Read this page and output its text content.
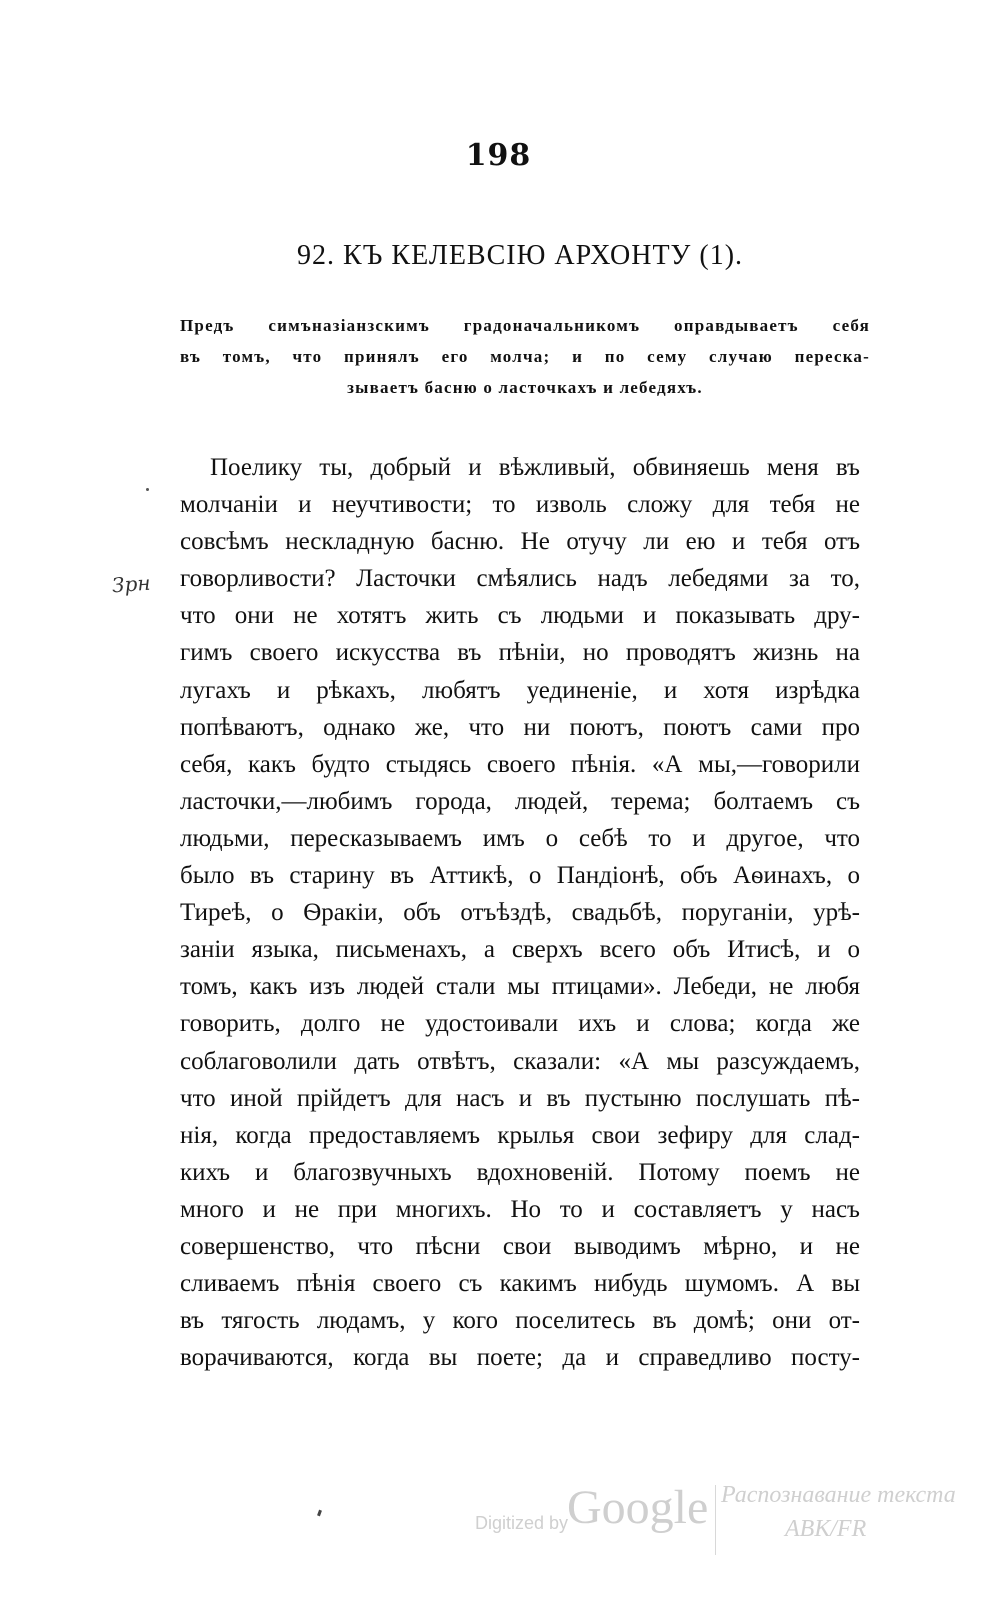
198
92. КЪ КЕЛЕВСIЮ АРХОНТУ (1).
Предъ симъназiанзскимъ градоначальникомъ оправдываетъ себя
въ томъ, что принялъ его молча; и по сему случаю переска-
зываетъ басню о ласточкахъ и лебедяхъ.
Зрн
Поелику ты, добрый и вѣжливый, обвиняешь меня въ
молчанiи и неучтивости; то изволь сложу для тебя не
совсѣмъ нескладную басню. Не отучу ли ею и тебя отъ
говорливости? Ласточки смѣялись надъ лебедями за то,
что они не хотятъ жить съ людьми и показывать дру-
гимъ своего искусства въ пѣнiи, но проводятъ жизнь на
лугахъ и рѣкахъ, любятъ уединенiе, и хотя изрѣдка
попѣваютъ, однако же, что ни поютъ, поютъ сами про
себя, какъ будто стыдясь своего пѣнiя. «А мы,—говорили
ласточки,—любимъ города, людей, терема; болтаемъ съ
людьми, пересказываемъ имъ о себѣ то и другое, что
было въ старину въ Аттикѣ, о Пандiонѣ, объ Аѳинахъ, о
Тиреѣ, о Ѳракiи, объ отъѣздѣ, свадьбѣ, поруганiи, урѣ-
занiи языка, письменахъ, а сверхъ всего объ Итисѣ, и о
томъ, какъ изъ людей стали мы птицами». Лебеди, не любя
говорить, долго не удостоивали ихъ и слова; когда же
соблаговолили дать отвѣтъ, сказали: «А мы разсуждаемъ,
что иной прiйдетъ для насъ и въ пустыню послушать пѣ-
нiя, когда предоставляемъ крылья свои зефиру для слад-
кихъ и благозвучныхъ вдохновенiй. Потому поемъ не
много и не при многихъ. Но то и составляетъ у насъ
совершенство, что пѣсни свои выводимъ мѣрно, и не
сливаемъ пѣнiя своего съ какимъ нибудь шумомъ. А вы
въ тягость людамъ, у кого поселитесь въ домѣ; они от-
ворачиваются, когда вы поете; да и справедливо посту-
Digitized by
Google Распознавание текста
АВК/FR
